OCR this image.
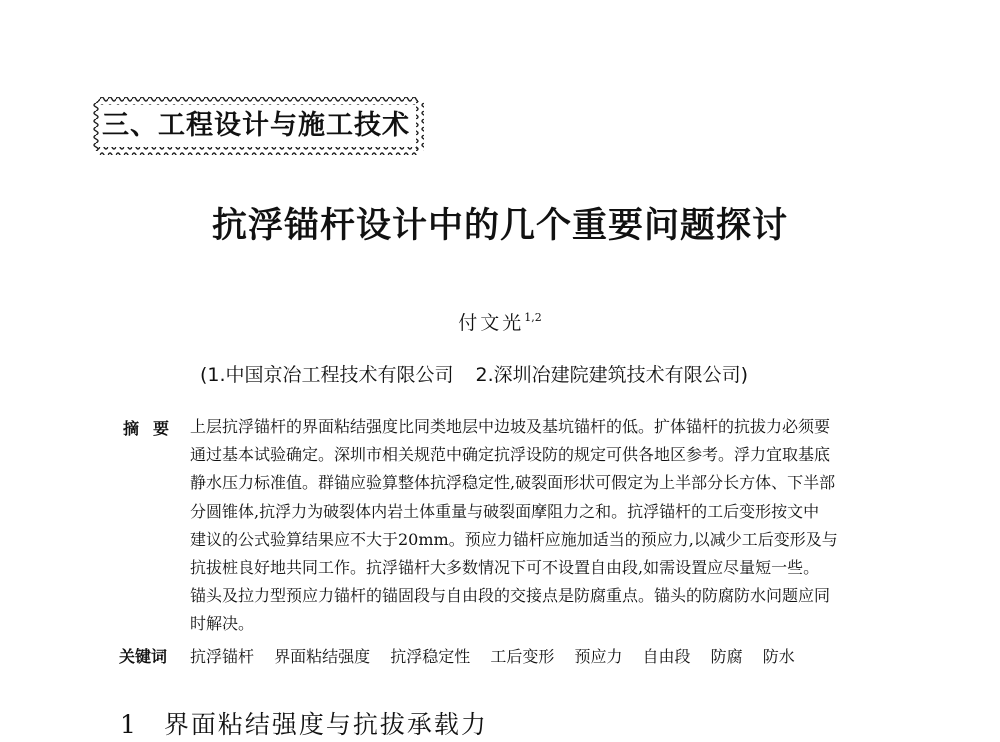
三、工程设计与施工技术
抗浮锚杆设计中的几个重要问题探讨
付文光$^{1,2}$
(1.中国京冶工程技术有限公司 2.深圳冶建院建筑技术有限公司)
摘要 上层抗浮锚杆的界面粘结强度比同类地层中边坡及基坑锚杆的低。扩体锚杆的抗拔力必须要
通过基本试验确定。深圳市相关规范中确定抗浮设防的规定可供各地区参考。浮力宜取基底
静水压力标准值。群锚应验算整体抗浮稳定性,破裂面形状可假定为上半部分长方体、下半部
分圆锥体,抗浮力为破裂体内岩土体重量与破裂面摩阻力之和。抗浮锚杆的工后变形按文中
建议的公式验算结果应不大于20mm。预应力锚杆应施加适当的预应力,以减少工后变形及与
抗拔桩良好地共同工作。抗浮锚杆大多数情况下可不设置自由段,如需设置应尽量短一些。
锚头及拉力型预应力锚杆的锚固段与自由段的交接点是防腐重点。锚头的防腐防水问题应同
时解决。
关键词 抗浮锚杆 界面粘结强度 抗浮稳定性 工后变形 预应力 自由段 防腐 防水
1 界面粘结强度与抗拔承载力
